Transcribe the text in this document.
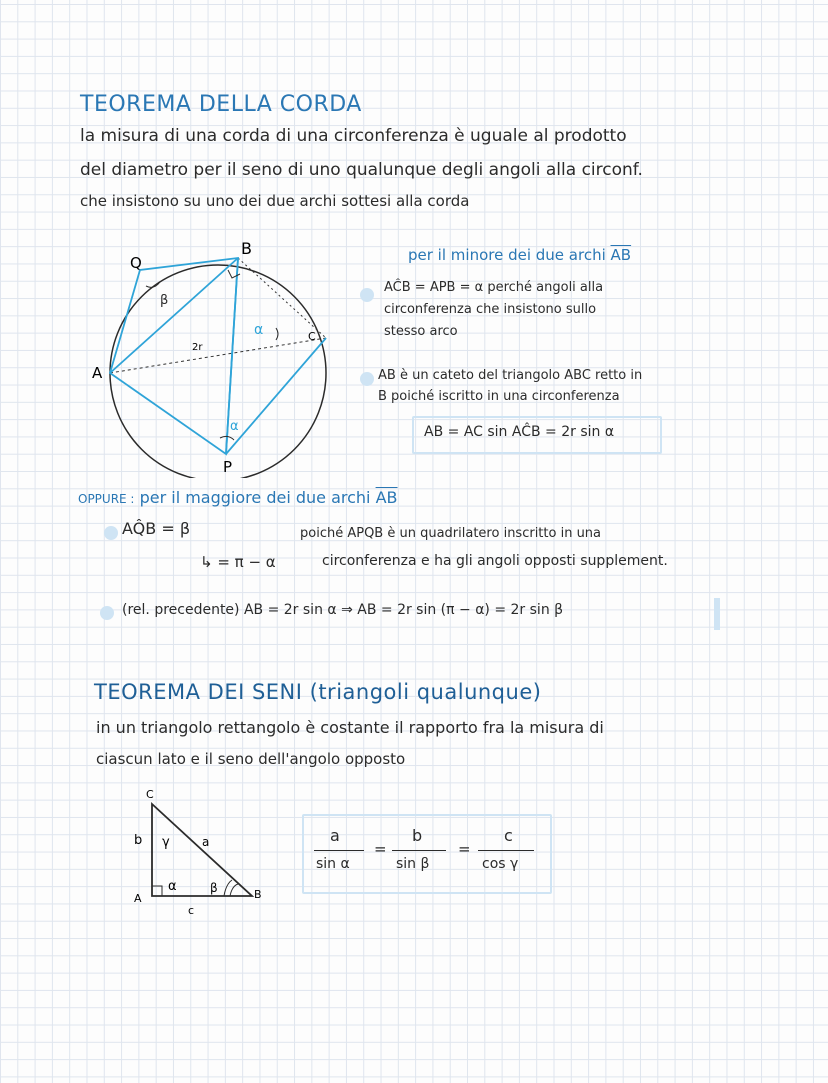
TEOREMA DELLA CORDA
la misura di una corda di una circonferenza è uguale al prodotto
del diametro per il seno di uno qualunque degli angoli alla circonf.
che insistono su uno dei due archi sottesi alla corda
Q
B
A
P
C
β
2r
α
α
per il minore dei due archi $\overline{AB}$
AĈB = APB = α perché angoli alla
circonferenza che insistono sullo
stesso arco
AB è un cateto del triangolo ABC retto in
B poiché iscritto in una circonferenza
AB = AC sin AĈB = 2r sin α
OPPURE : per il maggiore dei due archi $\overline{AB}$
AQ̂B = β
↳ = π − α
poiché APQB è un quadrilatero inscritto in una
circonferenza e ha gli angoli opposti supplement.
(rel. precedente) AB = 2r sin α ⇒ AB = 2r sin (π − α) = 2r sin β
TEOREMA DEI SENI (triangoli qualunque)
in un triangolo rettangolo è costante il rapporto fra la misura di
ciascun lato e il seno dell'angolo opposto
C
A	B
a
b
c
γ
α	β
a
sin α
=
b
sin β
=
c
cos γ
